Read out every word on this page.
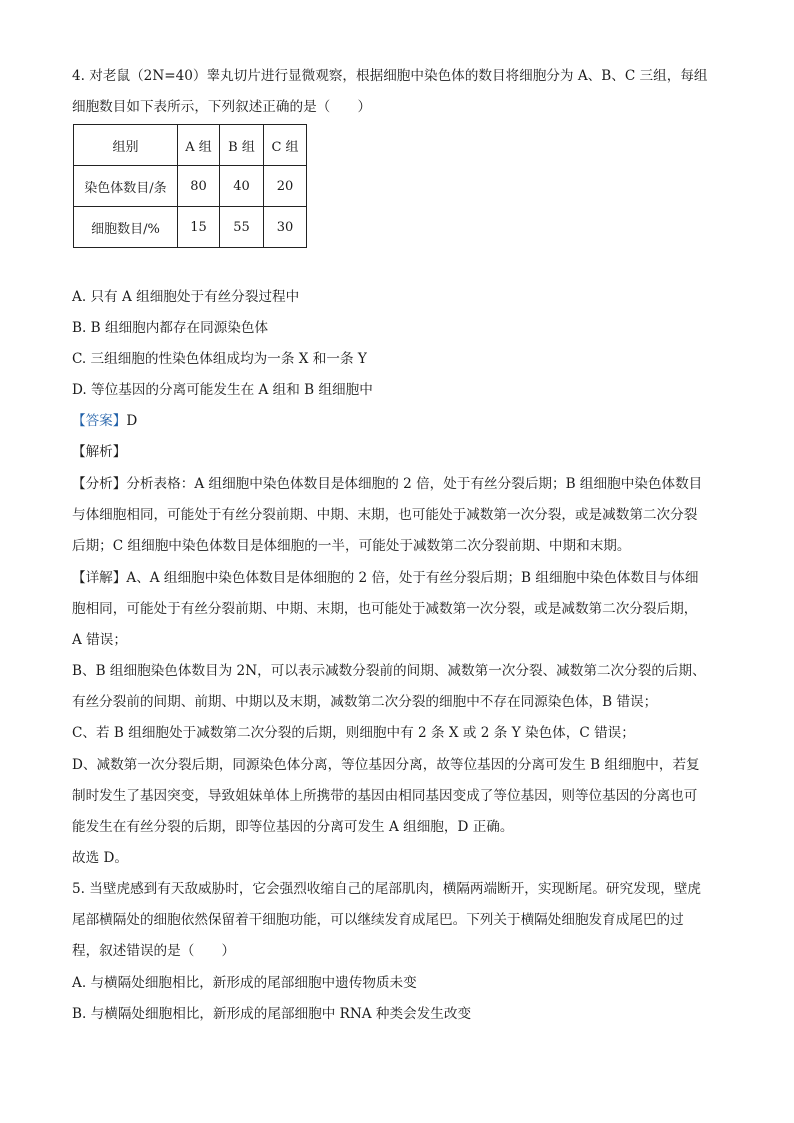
4. 对老鼠（2N=40）睾丸切片进行显微观察，根据细胞中染色体的数目将细胞分为 A、B、C 三组，每组
细胞数目如下表所示，下列叙述正确的是（　　）
组别	A 组	B 组	C 组
染色体数目/条	80	40	20
细胞数目/%	15	55	30
A. 只有 A 组细胞处于有丝分裂过程中
B. B 组细胞内都存在同源染色体
C. 三组细胞的性染色体组成均为一条 X 和一条 Y
D. 等位基因的分离可能发生在 A 组和 B 组细胞中
【答案】D
【解析】
【分析】分析表格：A 组细胞中染色体数目是体细胞的 2 倍，处于有丝分裂后期；B 组细胞中染色体数目
与体细胞相同，可能处于有丝分裂前期、中期、末期，也可能处于减数第一次分裂，或是减数第二次分裂
后期；C 组细胞中染色体数目是体细胞的一半，可能处于减数第二次分裂前期、中期和末期。
【详解】A、A 组细胞中染色体数目是体细胞的 2 倍，处于有丝分裂后期；B 组细胞中染色体数目与体细
胞相同，可能处于有丝分裂前期、中期、末期，也可能处于减数第一次分裂，或是减数第二次分裂后期，
A 错误；
B、B 组细胞染色体数目为 2N，可以表示减数分裂前的间期、减数第一次分裂、减数第二次分裂的后期、
有丝分裂前的间期、前期、中期以及末期，减数第二次分裂的细胞中不存在同源染色体，B 错误；
C、若 B 组细胞处于减数第二次分裂的后期，则细胞中有 2 条 X 或 2 条 Y 染色体，C 错误；
D、减数第一次分裂后期，同源染色体分离，等位基因分离，故等位基因的分离可发生 B 组细胞中，若复
制时发生了基因突变，导致姐妹单体上所携带的基因由相同基因变成了等位基因，则等位基因的分离也可
能发生在有丝分裂的后期，即等位基因的分离可发生 A 组细胞，D 正确。
故选 D。
5. 当壁虎感到有天敌威胁时，它会强烈收缩自己的尾部肌肉，横隔两端断开，实现断尾。研究发现，壁虎
尾部横隔处的细胞依然保留着干细胞功能，可以继续发育成尾巴。下列关于横隔处细胞发育成尾巴的过
程，叙述错误的是（　　）
A. 与横隔处细胞相比，新形成的尾部细胞中遗传物质未变
B. 与横隔处细胞相比，新形成的尾部细胞中 RNA 种类会发生改变
